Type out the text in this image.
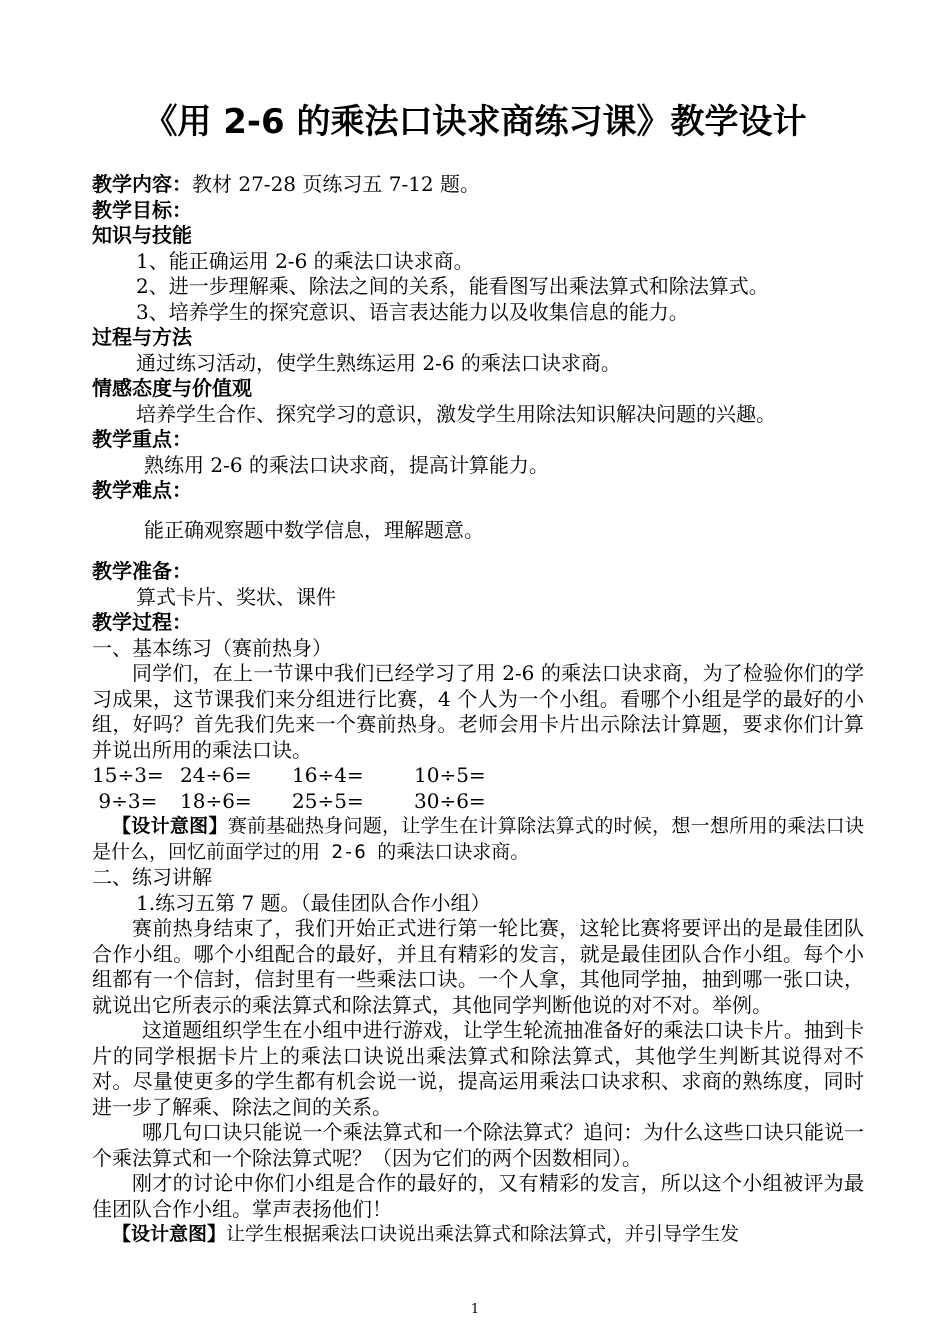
《用 2-6 的乘法口诀求商练习课》教学设计
教学内容：教材 27-28 页练习五 7-12 题。
教学目标：
知识与技能
1、能正确运用 2-6 的乘法口诀求商。
2、进一步理解乘、除法之间的关系，能看图写出乘法算式和除法算式。
3、培养学生的探究意识、语言表达能力以及收集信息的能力。
过程与方法
通过练习活动，使学生熟练运用 2-6 的乘法口诀求商。
情感态度与价值观
培养学生合作、探究学习的意识，激发学生用除法知识解决问题的兴趣。
教学重点：
熟练用 2-6 的乘法口诀求商，提高计算能力。
教学难点：
能正确观察题中数学信息，理解题意。
教学准备：
算式卡片、奖状、课件
教学过程：
一、基本练习（赛前热身）
同学们，在上一节课中我们已经学习了用 2-6 的乘法口诀求商，为了检验你们的学习成果，这节课我们来分组进行比赛，4 个人为一个小组。看哪个小组是学的最好的小组，好吗？首先我们先来一个赛前热身。老师会用卡片出示除法计算题，要求你们计算并说出所用的乘法口诀。
15÷3= 24÷6=	16÷4=	10÷5=
9÷3=	18÷6=	25÷5=	30÷6=
【设计意图】赛前基础热身问题，让学生在计算除法算式的时候，想一想所用的乘法口诀是什么，回忆前面学过的用 2-6 的乘法口诀求商。
二、练习讲解
1.练习五第 7 题。（最佳团队合作小组）
赛前热身结束了，我们开始正式进行第一轮比赛，这轮比赛将要评出的是最佳团队合作小组。哪个小组配合的最好，并且有精彩的发言，就是最佳团队合作小组。每个小组都有一个信封，信封里有一些乘法口诀。一个人拿，其他同学抽，抽到哪一张口诀，就说出它所表示的乘法算式和除法算式，其他同学判断他说的对不对。举例。
这道题组织学生在小组中进行游戏，让学生轮流抽准备好的乘法口诀卡片。抽到卡片的同学根据卡片上的乘法口诀说出乘法算式和除法算式，其他学生判断其说得对不对。尽量使更多的学生都有机会说一说，提高运用乘法口诀求积、求商的熟练度，同时进一步了解乘、除法之间的关系。
哪几句口诀只能说一个乘法算式和一个除法算式？追问：为什么这些口诀只能说一个乘法算式和一个除法算式呢？（因为它们的两个因数相同）。
刚才的讨论中你们小组是合作的最好的，又有精彩的发言，所以这个小组被评为最佳团队合作小组。掌声表扬他们！
【设计意图】让学生根据乘法口诀说出乘法算式和除法算式，并引导学生发
1
